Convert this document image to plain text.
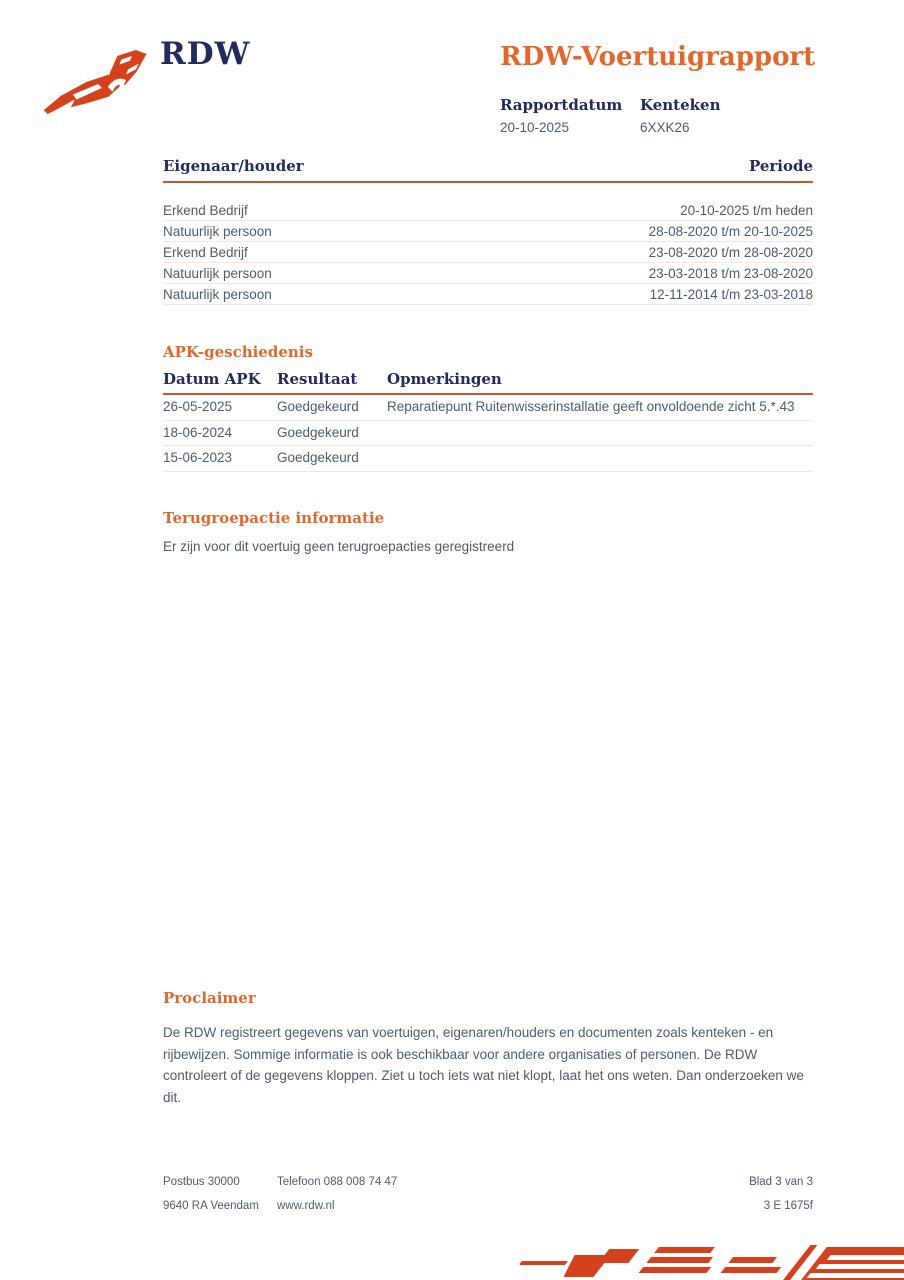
RDW	RDW-Voertuigrapport
Rapportdatum
20-10-2025
Kenteken
6XXK26
Eigenaar/houder	Periode
Erkend Bedrijf	20-10-2025 t/m heden
Natuurlijk persoon	28-08-2020 t/m 20-10-2025
Erkend Bedrijf	23-08-2020 t/m 28-08-2020
Natuurlijk persoon	23-03-2018 t/m 23-08-2020
Natuurlijk persoon	12-11-2014 t/m 23-03-2018
APK-geschiedenis
Datum APK	Resultaat	Opmerkingen
26-05-2025	Goedgekeurd	Reparatiepunt Ruitenwisserinstallatie geeft onvoldoende zicht 5.*.43
18-06-2024	Goedgekeurd
15-06-2023	Goedgekeurd
Terugroepactie informatie
Er zijn voor dit voertuig geen terugroepacties geregistreerd
Proclaimer
De RDW registreert gegevens van voertuigen, eigenaren/houders en documenten zoals kenteken - en rijbewijzen. Sommige informatie is ook beschikbaar voor andere organisaties of personen. De RDW controleert of de gegevens kloppen. Ziet u toch iets wat niet klopt, laat het ons weten. Dan onderzoeken we dit.
Postbus 30000
9640 RA Veendam
Telefoon 088 008 74 47
www.rdw.nl
Blad 3 van 3
3 E 1675f
